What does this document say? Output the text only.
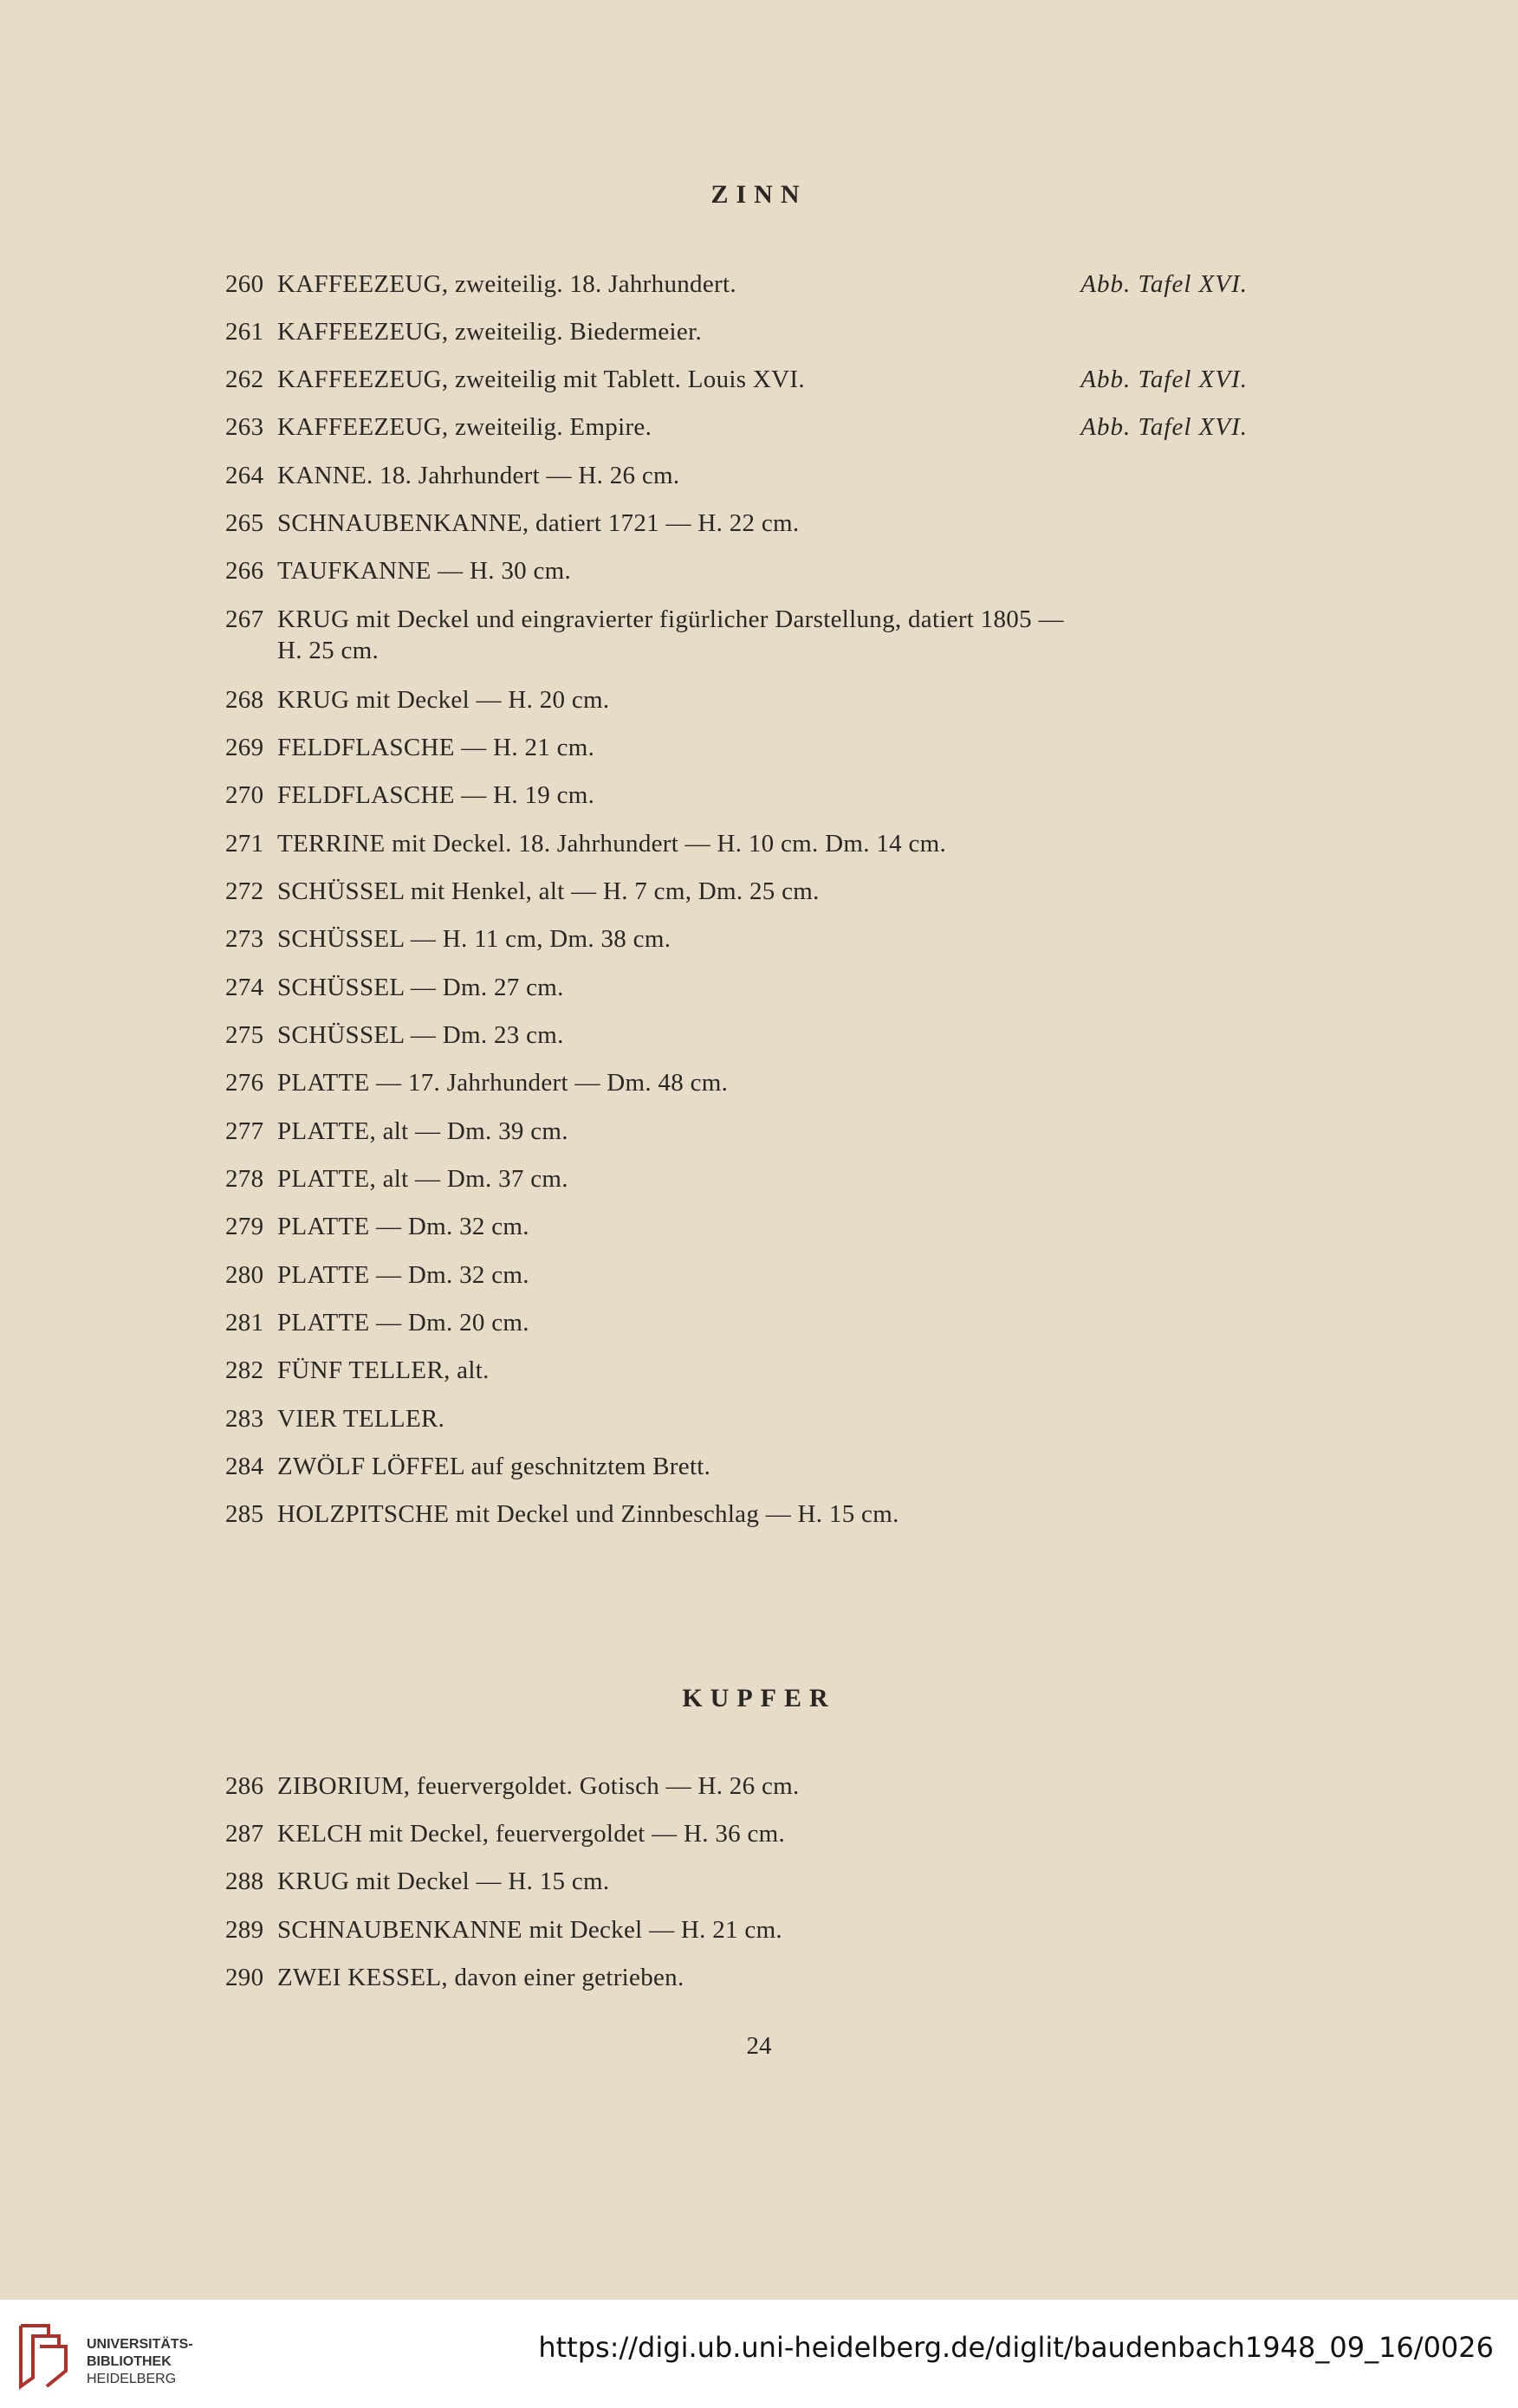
ZINN
260 KAFFEEZEUG, zweiteilig. 18. Jahrhundert.	Abb. Tafel XVI.
261 KAFFEEZEUG, zweiteilig. Biedermeier.
262 KAFFEEZEUG, zweiteilig mit Tablett. Louis XVI.	Abb. Tafel XVI.
263 KAFFEEZEUG, zweiteilig. Empire.	Abb. Tafel XVI.
264 KANNE. 18. Jahrhundert — H. 26 cm.
265 SCHNAUBENKANNE, datiert 1721 — H. 22 cm.
266 TAUFKANNE — H. 30 cm.
267 KRUG mit Deckel und eingravierter figürlicher Darstellung, datiert 1805 —
H. 25 cm.
268 KRUG mit Deckel — H. 20 cm.
269 FELDFLASCHE — H. 21 cm.
270 FELDFLASCHE — H. 19 cm.
271 TERRINE mit Deckel. 18. Jahrhundert — H. 10 cm. Dm. 14 cm.
272 SCHÜSSEL mit Henkel, alt — H. 7 cm, Dm. 25 cm.
273 SCHÜSSEL — H. 11 cm, Dm. 38 cm.
274 SCHÜSSEL — Dm. 27 cm.
275 SCHÜSSEL — Dm. 23 cm.
276 PLATTE — 17. Jahrhundert — Dm. 48 cm.
277 PLATTE, alt — Dm. 39 cm.
278 PLATTE, alt — Dm. 37 cm.
279 PLATTE — Dm. 32 cm.
280 PLATTE — Dm. 32 cm.
281 PLATTE — Dm. 20 cm.
282 FÜNF TELLER, alt.
283 VIER TELLER.
284 ZWÖLF LÖFFEL auf geschnitztem Brett.
285 HOLZPITSCHE mit Deckel und Zinnbeschlag — H. 15 cm.
KUPFER
286 ZIBORIUM, feuervergoldet. Gotisch — H. 26 cm.
287 KELCH mit Deckel, feuervergoldet — H. 36 cm.
288 KRUG mit Deckel — H. 15 cm.
289 SCHNAUBENKANNE mit Deckel — H. 21 cm.
290 ZWEI KESSEL, davon einer getrieben.
24
UNIVERSITÄTS-
BIBLIOTHEK
HEIDELBERG
https://digi.ub.uni-heidelberg.de/diglit/baudenbach1948_09_16/0026
